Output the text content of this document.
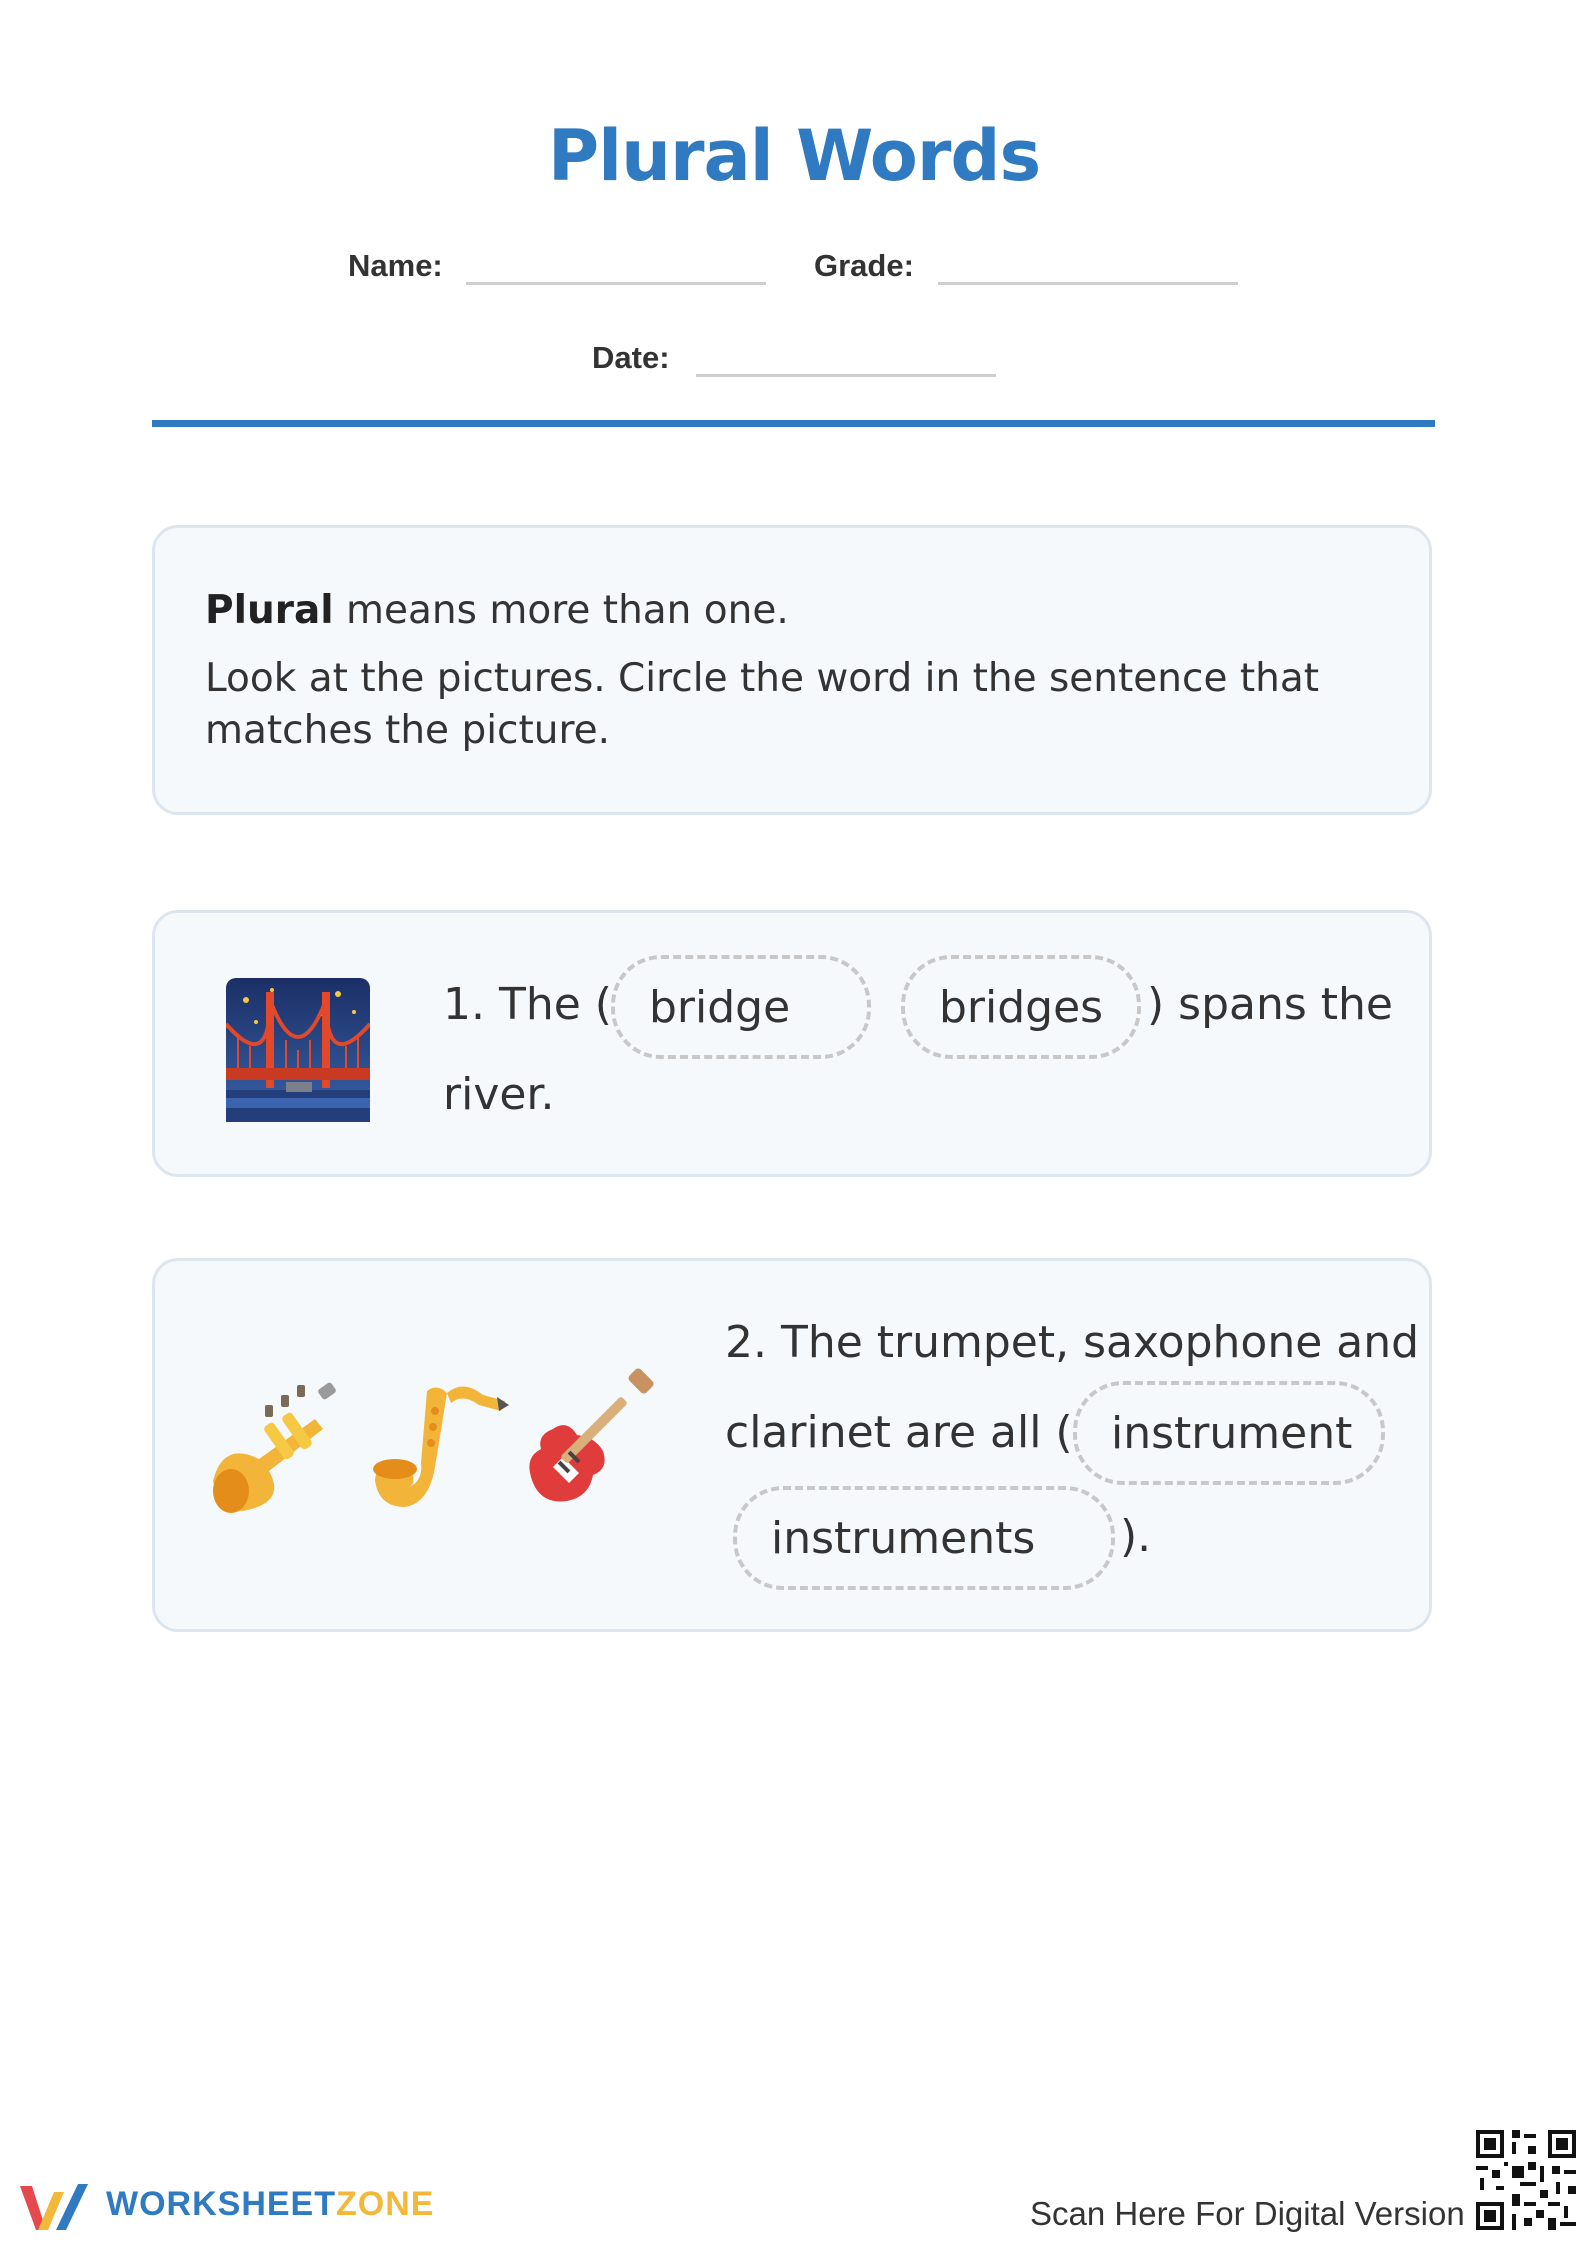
Plural Words
Name:	Grade:
Date:
Plural means more than one.
Look at the pictures. Circle the word in the sentence that
matches the picture.
1. The ( bridge	bridges ) spans the
river.
2. The trumpet, saxophone and
clarinet are all ( instrument
instruments	).
WORKSHEETZONE	Scan Here For Digital Version
